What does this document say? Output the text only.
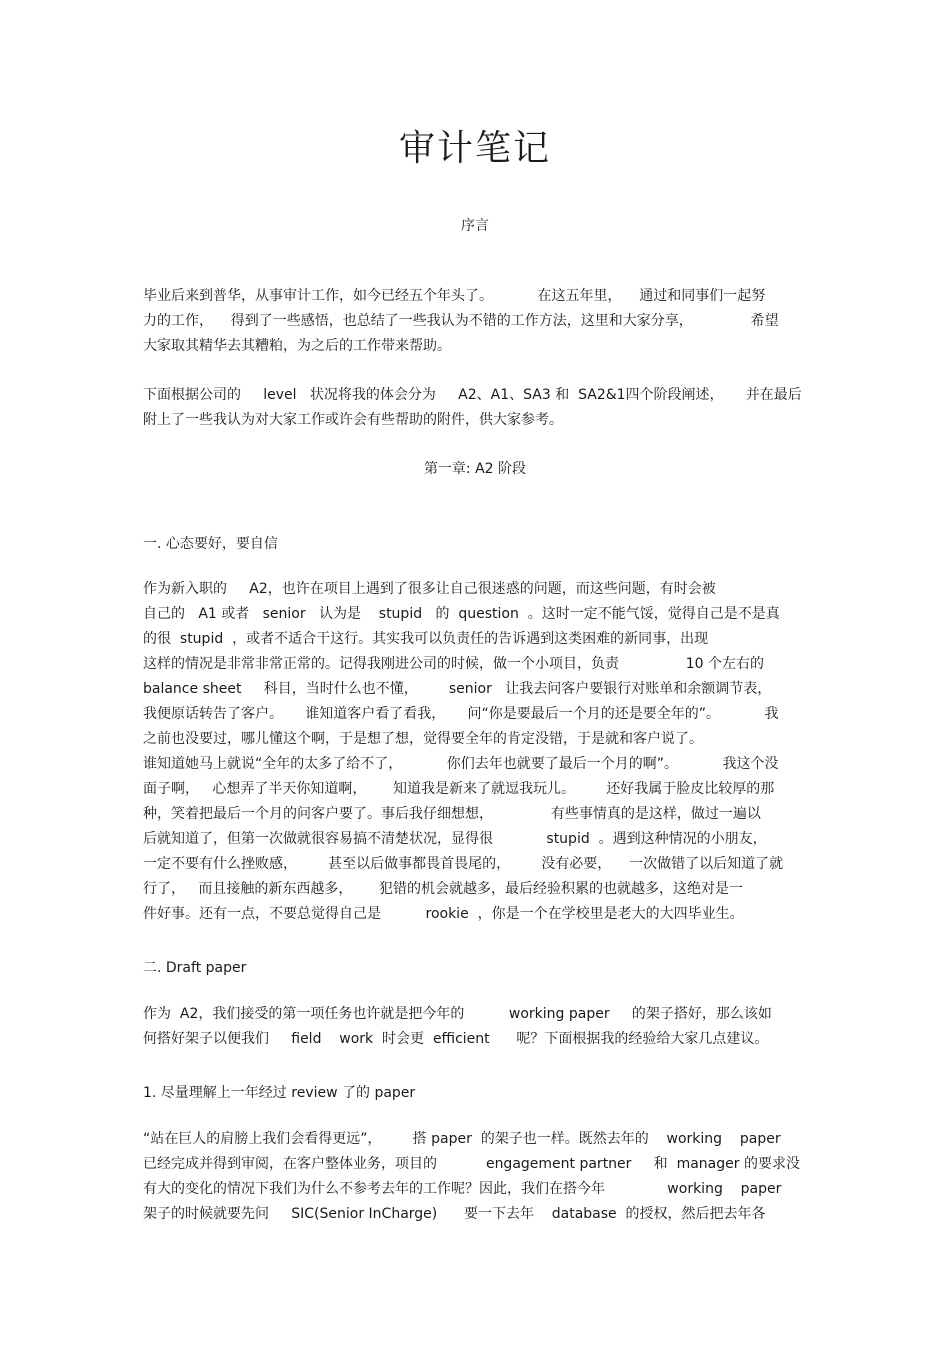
审计笔记

序言

毕业后来到普华，从事审计工作，如今已经五个年头了。          在这五年里，    通过和同事们一起努
力的工作，    得到了一些感悟，也总结了一些我认为不错的工作方法，这里和大家分享，             希望
大家取其精华去其糟粕，为之后的工作带来帮助。
下面根据公司的     level   状况将我的体会分为     A2、A1、SA3 和  SA2&1四个阶段阐述，     并在最后
附上了一些我认为对大家工作或许会有些帮助的附件，供大家参考。

第一章: A2 阶段

一. 心态要好，要自信

作为新入职的     A2，也许在项目上遇到了很多让自己很迷惑的问题，而这些问题，有时会被
自己的   A1 或者   senior   认为是    stupid   的  question  。这时一定不能气馁，觉得自己是不是真
的很  stupid  ，或者不适合干这行。其实我可以负责任的告诉遇到这类困难的新同事，出现
这样的情况是非常非常正常的。记得我刚进公司的时候，做一个小项目，负责               10 个左右的
balance sheet     科目，当时什么也不懂，       senior   让我去问客户要银行对账单和余额调节表，
我便原话转告了客户。     谁知道客户看了看我，     问“你是要最后一个月的还是要全年的”。          我
之前也没要过，哪儿懂这个啊，于是想了想，觉得要全年的肯定没错，于是就和客户说了。
谁知道她马上就说“全年的太多了给不了，          你们去年也就要了最后一个月的啊”。          我这个没
面子啊，   心想弄了半天你知道啊，      知道我是新来了就逗我玩儿。       还好我属于脸皮比较厚的那
种，笑着把最后一个月的问客户要了。事后我仔细想想，             有些事情真的是这样，做过一遍以
后就知道了，但第一次做就很容易搞不清楚状况，显得很            stupid  。遇到这种情况的小朋友，
一定不要有什么挫败感，       甚至以后做事都畏首畏尾的，       没有必要，    一次做错了以后知道了就
行了，   而且接触的新东西越多，      犯错的机会就越多，最后经验积累的也就越多，这绝对是一
件好事。还有一点，不要总觉得自己是          rookie  ，你是一个在学校里是老大的大四毕业生。

二. Draft paper

作为  A2，我们接受的第一项任务也许就是把今年的          working paper     的架子搭好，那么该如
何搭好架子以便我们     field    work  时会更  efficient      呢？下面根据我的经验给大家几点建议。

1. 尽量理解上一年经过 review 了的 paper

“站在巨人的肩膀上我们会看得更远”，       搭 paper  的架子也一样。既然去年的    working    paper
已经完成并得到审阅，在客户整体业务，项目的           engagement partner     和  manager 的要求没
有大的变化的情况下我们为什么不参考去年的工作呢？因此，我们在搭今年              working    paper
架子的时候就要先问     SIC(Senior InCharge)      要一下去年    database  的授权，然后把去年各
